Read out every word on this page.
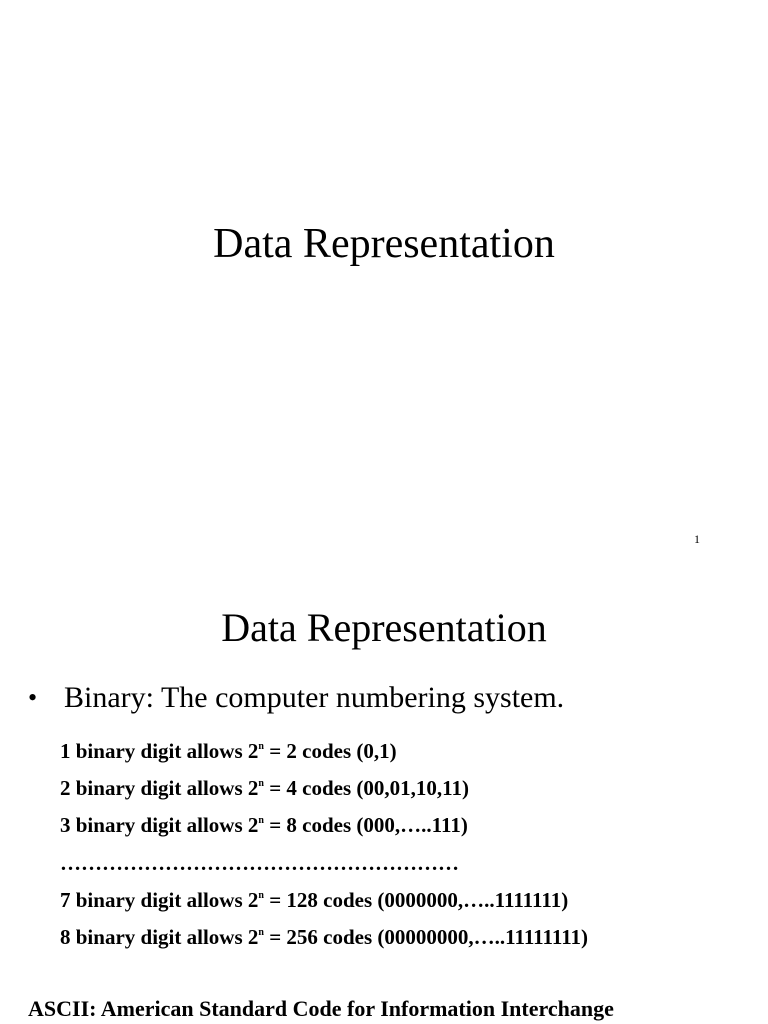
Data Representation
1
Data Representation
• Binary: The computer numbering system.
1 binary digit allows $2^n = 2$ codes (0,1)
2 binary digit allows $2^n = 4$ codes (00,01,10,11)
3 binary digit allows $2^n = 8$ codes (000,…..111)
…………………………………………………
7 binary digit allows $2^n = 128$ codes (0000000,…..1111111)
8 binary digit allows $2^n = 256$ codes (00000000,…..11111111)
ASCII: American Standard Code for Information Interchange
